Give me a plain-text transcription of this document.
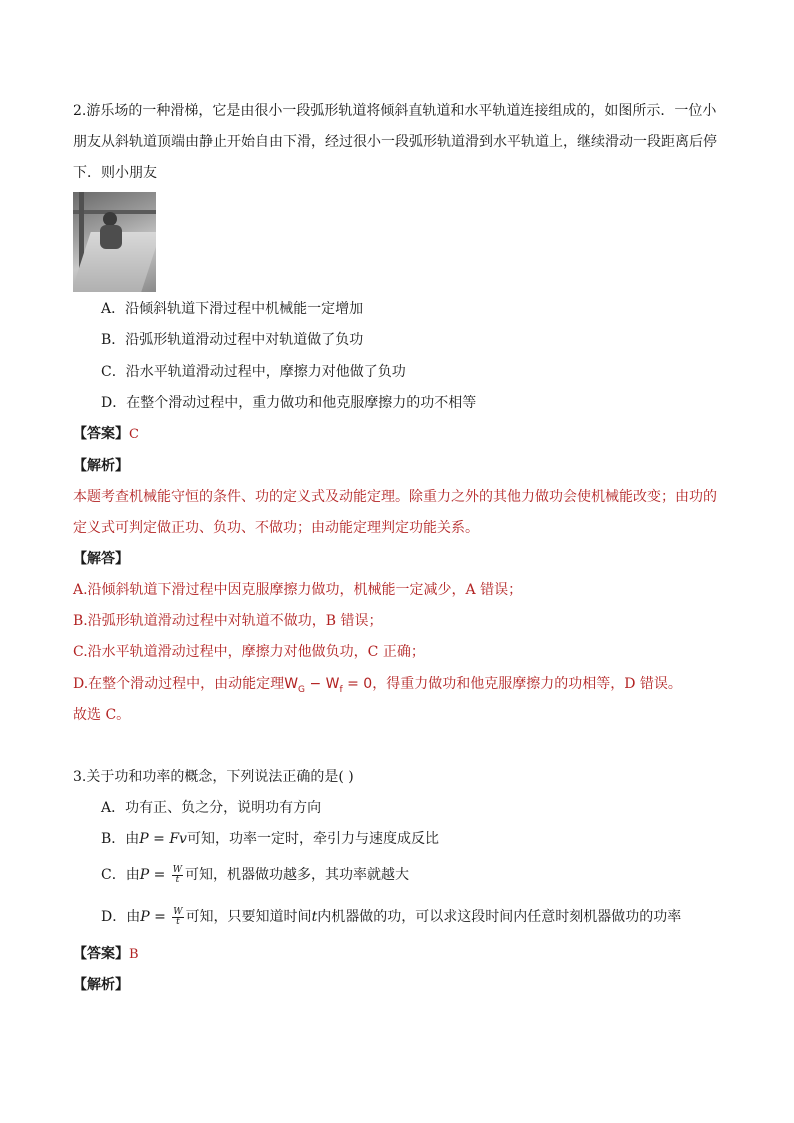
2.游乐场的一种滑梯，它是由很小一段弧形轨道将倾斜直轨道和水平轨道连接组成的，如图所示．一位小
朋友从斜轨道顶端由静止开始自由下滑，经过很小一段弧形轨道滑到水平轨道上，继续滑动一段距离后停
下．则小朋友
A．沿倾斜轨道下滑过程中机械能一定增加
B．沿弧形轨道滑动过程中对轨道做了负功
C．沿水平轨道滑动过程中，摩擦力对他做了负功
D．在整个滑动过程中，重力做功和他克服摩擦力的功不相等
【答案】C
【解析】
本题考查机械能守恒的条件、功的定义式及动能定理。除重力之外的其他力做功会使机械能改变；由功的
定义式可判定做正功、负功、不做功；由动能定理判定功能关系。
【解答】
A.沿倾斜轨道下滑过程中因克服摩擦力做功，机械能一定减少，A 错误；
B.沿弧形轨道滑动过程中对轨道不做功，B 错误；
C.沿水平轨道滑动过程中，摩擦力对他做负功，C 正确；
D.在整个滑动过程中，由动能定理$W_G - W_f = 0$，得重力做功和他克服摩擦力的功相等，D 错误。
故选 C。
3.关于功和功率的概念，下列说法正确的是( )
A．功有正、负之分，说明功有方向
B．由P = Fv可知，功率一定时，牵引力与速度成反比
C．由$P = \frac{W}{t}$ 可知，机器做功越多，其功率就越大
D．由$P = \frac{W}{t}$ 可知，只要知道时间t内机器做的功，可以求这段时间内任意时刻机器做功的功率
【答案】B
【解析】
